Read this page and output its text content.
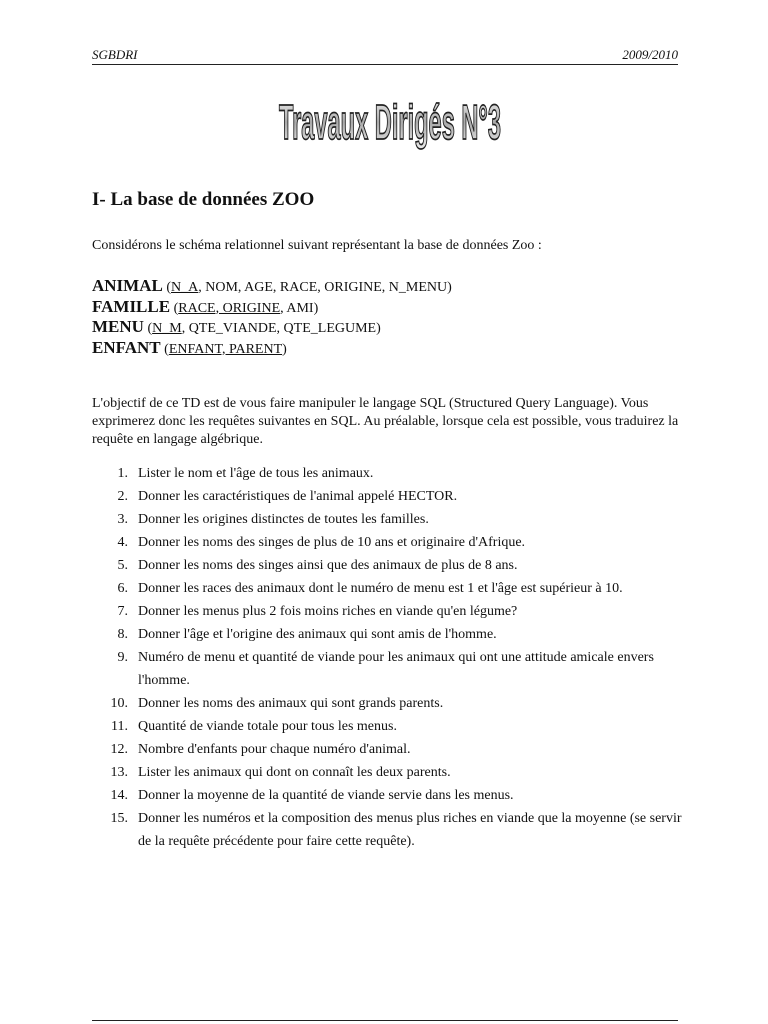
SGBDRI	2009/2010
Travaux Dirigés N°3
I- La base de données ZOO
Considérons le schéma relationnel suivant représentant la base de données Zoo :
ANIMAL (N_A, NOM, AGE, RACE, ORIGINE, N_MENU)
FAMILLE (RACE, ORIGINE, AMI)
MENU (N_M, QTE_VIANDE, QTE_LEGUME)
ENFANT (ENFANT, PARENT)
L'objectif de ce TD est de vous faire manipuler le langage SQL (Structured Query Language). Vous exprimerez donc les requêtes suivantes en SQL. Au préalable, lorsque cela est possible, vous traduirez la requête en langage algébrique.
1. Lister le nom et l'âge de tous les animaux.
2. Donner les caractéristiques de l'animal appelé HECTOR.
3. Donner les origines distinctes de toutes les familles.
4. Donner les noms des singes de plus de 10 ans et originaire d'Afrique.
5. Donner les noms des singes ainsi que des animaux de plus de 8 ans.
6. Donner les races des animaux dont le numéro de menu est 1 et l'âge est supérieur à 10.
7. Donner les menus plus 2 fois moins riches en viande qu'en légume?
8. Donner l'âge et l'origine des animaux qui sont amis de l'homme.
9. Numéro de menu et quantité de viande pour les animaux qui ont une attitude amicale envers l'homme.
10. Donner les noms des animaux qui sont grands parents.
11. Quantité de viande totale pour tous les menus.
12. Nombre d'enfants pour chaque numéro d'animal.
13. Lister les animaux qui dont on connaît les deux parents.
14. Donner la moyenne de la quantité de viande servie dans les menus.
15. Donner les numéros et la composition des menus plus riches en viande que la moyenne (se servir de la requête précédente pour faire cette requête).
